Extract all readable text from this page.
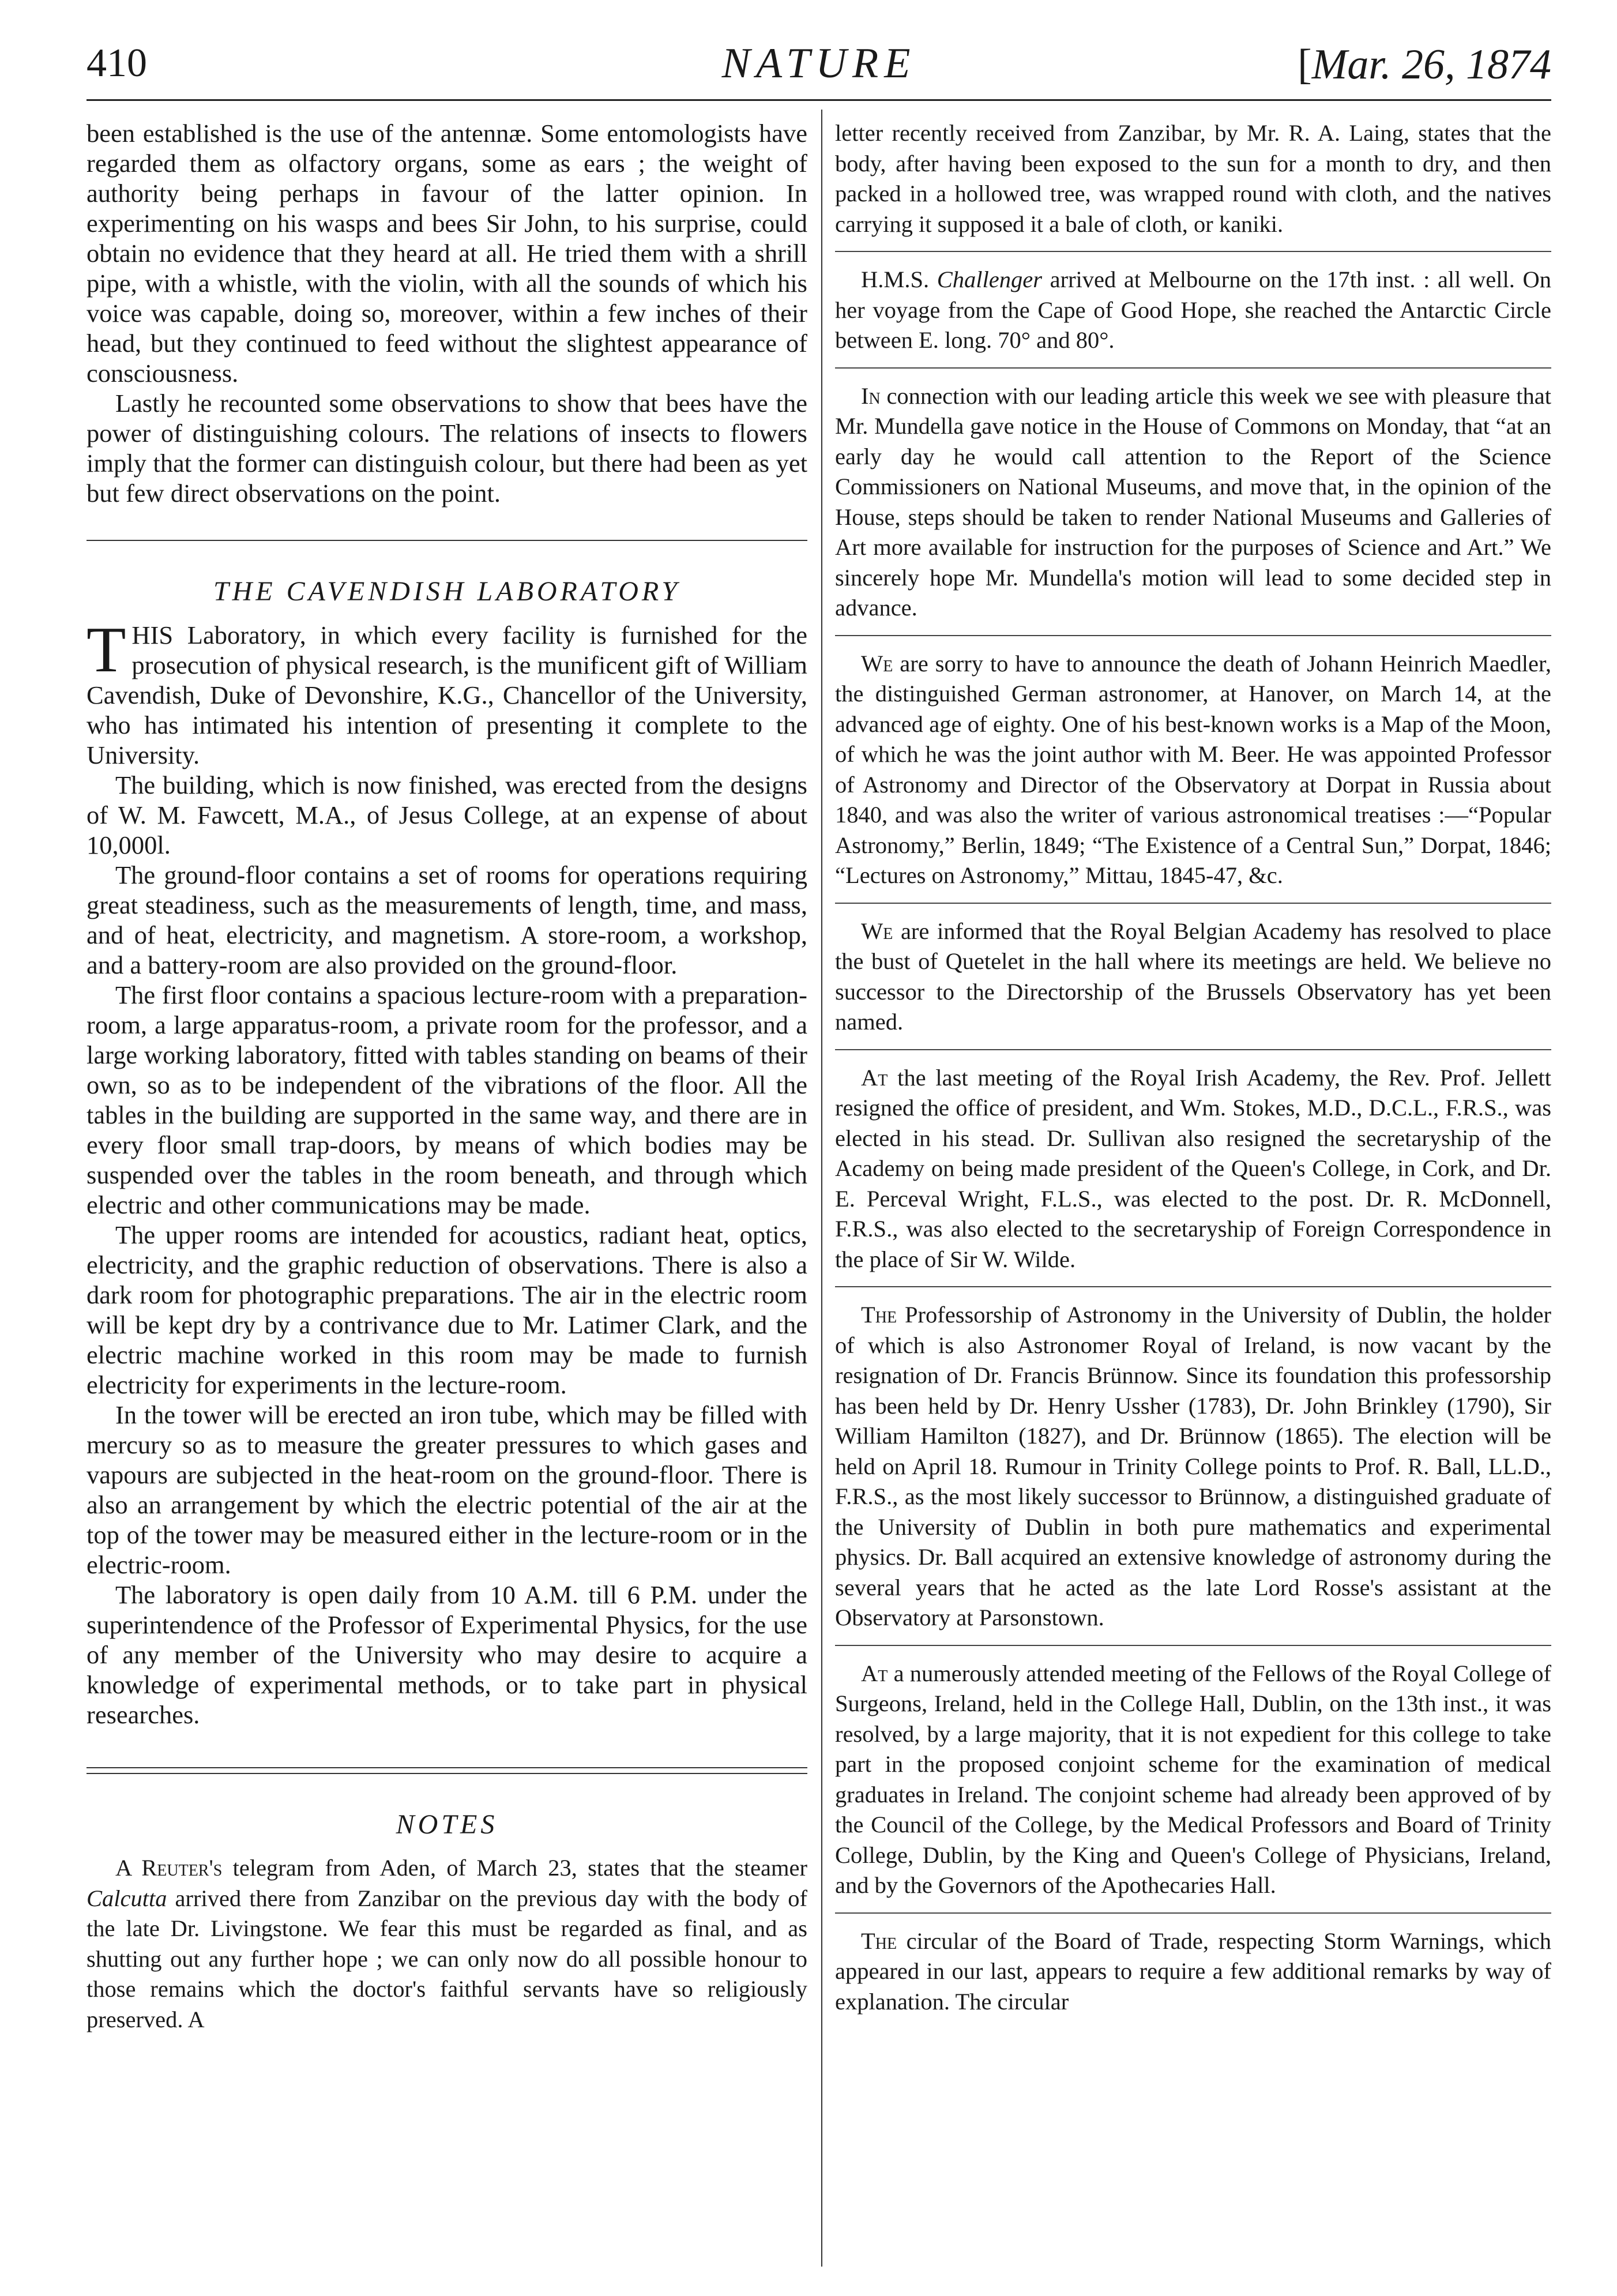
410	NATURE	[Mar. 26, 1874

been established is the use of the antennæ. Some entomologists have regarded them as olfactory organs, some as ears ; the weight of authority being perhaps in favour of the latter opinion. In experimenting on his wasps and bees Sir John, to his surprise, could obtain no evidence that they heard at all. He tried them with a shrill pipe, with a whistle, with the violin, with all the sounds of which his voice was capable, doing so, moreover, within a few inches of their head, but they continued to feed without the slightest appearance of consciousness.

Lastly he recounted some observations to show that bees have the power of distinguishing colours. The relations of insects to flowers imply that the former can distinguish colour, but there had been as yet but few direct observations on the point.

THE CAVENDISH LABORATORY

THIS Laboratory, in which every facility is furnished for the prosecution of physical research, is the munificent gift of William Cavendish, Duke of Devonshire, K.G., Chancellor of the University, who has intimated his intention of presenting it complete to the University.

The building, which is now finished, was erected from the designs of W. M. Fawcett, M.A., of Jesus College, at an expense of about 10,000l.

The ground-floor contains a set of rooms for operations requiring great steadiness, such as the measurements of length, time, and mass, and of heat, electricity, and magnetism. A store-room, a workshop, and a battery-room are also provided on the ground-floor.

The first floor contains a spacious lecture-room with a preparation-room, a large apparatus-room, a private room for the professor, and a large working laboratory, fitted with tables standing on beams of their own, so as to be independent of the vibrations of the floor. All the tables in the building are supported in the same way, and there are in every floor small trap-doors, by means of which bodies may be suspended over the tables in the room beneath, and through which electric and other communications may be made.

The upper rooms are intended for acoustics, radiant heat, optics, electricity, and the graphic reduction of observations. There is also a dark room for photographic preparations. The air in the electric room will be kept dry by a contrivance due to Mr. Latimer Clark, and the electric machine worked in this room may be made to furnish electricity for experiments in the lecture-room.

In the tower will be erected an iron tube, which may be filled with mercury so as to measure the greater pressures to which gases and vapours are subjected in the heat-room on the ground-floor. There is also an arrangement by which the electric potential of the air at the top of the tower may be measured either in the lecture-room or in the electric-room.

The laboratory is open daily from 10 A.M. till 6 P.M. under the superintendence of the Professor of Experimental Physics, for the use of any member of the University who may desire to acquire a knowledge of experimental methods, or to take part in physical researches.

NOTES

A Reuter's telegram from Aden, of March 23, states that the steamer Calcutta arrived there from Zanzibar on the previous day with the body of the late Dr. Livingstone. We fear this must be regarded as final, and as shutting out any further hope ; we can only now do all possible honour to those remains which the doctor's faithful servants have so religiously preserved. A

letter recently received from Zanzibar, by Mr. R. A. Laing, states that the body, after having been exposed to the sun for a month to dry, and then packed in a hollowed tree, was wrapped round with cloth, and the natives carrying it supposed it a bale of cloth, or kaniki.

H.M.S. Challenger arrived at Melbourne on the 17th inst. : all well. On her voyage from the Cape of Good Hope, she reached the Antarctic Circle between E. long. 70° and 80°.

In connection with our leading article this week we see with pleasure that Mr. Mundella gave notice in the House of Commons on Monday, that “at an early day he would call attention to the Report of the Science Commissioners on National Museums, and move that, in the opinion of the House, steps should be taken to render National Museums and Galleries of Art more available for instruction for the purposes of Science and Art.” We sincerely hope Mr. Mundella's motion will lead to some decided step in advance.

We are sorry to have to announce the death of Johann Heinrich Maedler, the distinguished German astronomer, at Hanover, on March 14, at the advanced age of eighty. One of his best-known works is a Map of the Moon, of which he was the joint author with M. Beer. He was appointed Professor of Astronomy and Director of the Observatory at Dorpat in Russia about 1840, and was also the writer of various astronomical treatises :—“Popular Astronomy,” Berlin, 1849; “The Existence of a Central Sun,” Dorpat, 1846; “Lectures on Astronomy,” Mittau, 1845-47, &c.

We are informed that the Royal Belgian Academy has resolved to place the bust of Quetelet in the hall where its meetings are held. We believe no successor to the Directorship of the Brussels Observatory has yet been named.

At the last meeting of the Royal Irish Academy, the Rev. Prof. Jellett resigned the office of president, and Wm. Stokes, M.D., D.C.L., F.R.S., was elected in his stead. Dr. Sullivan also resigned the secretaryship of the Academy on being made president of the Queen's College, in Cork, and Dr. E. Perceval Wright, F.L.S., was elected to the post. Dr. R. McDonnell, F.R.S., was also elected to the secretaryship of Foreign Correspondence in the place of Sir W. Wilde.

The Professorship of Astronomy in the University of Dublin, the holder of which is also Astronomer Royal of Ireland, is now vacant by the resignation of Dr. Francis Brünnow. Since its foundation this professorship has been held by Dr. Henry Ussher (1783), Dr. John Brinkley (1790), Sir William Hamilton (1827), and Dr. Brünnow (1865). The election will be held on April 18. Rumour in Trinity College points to Prof. R. Ball, LL.D., F.R.S., as the most likely successor to Brünnow, a distinguished graduate of the University of Dublin in both pure mathematics and experimental physics. Dr. Ball acquired an extensive knowledge of astronomy during the several years that he acted as the late Lord Rosse's assistant at the Observatory at Parsonstown.

At a numerously attended meeting of the Fellows of the Royal College of Surgeons, Ireland, held in the College Hall, Dublin, on the 13th inst., it was resolved, by a large majority, that it is not expedient for this college to take part in the proposed conjoint scheme for the examination of medical graduates in Ireland. The conjoint scheme had already been approved of by the Council of the College, by the Medical Professors and Board of Trinity College, Dublin, by the King and Queen's College of Physicians, Ireland, and by the Governors of the Apothecaries Hall.

The circular of the Board of Trade, respecting Storm Warnings, which appeared in our last, appears to require a few additional remarks by way of explanation. The circular
